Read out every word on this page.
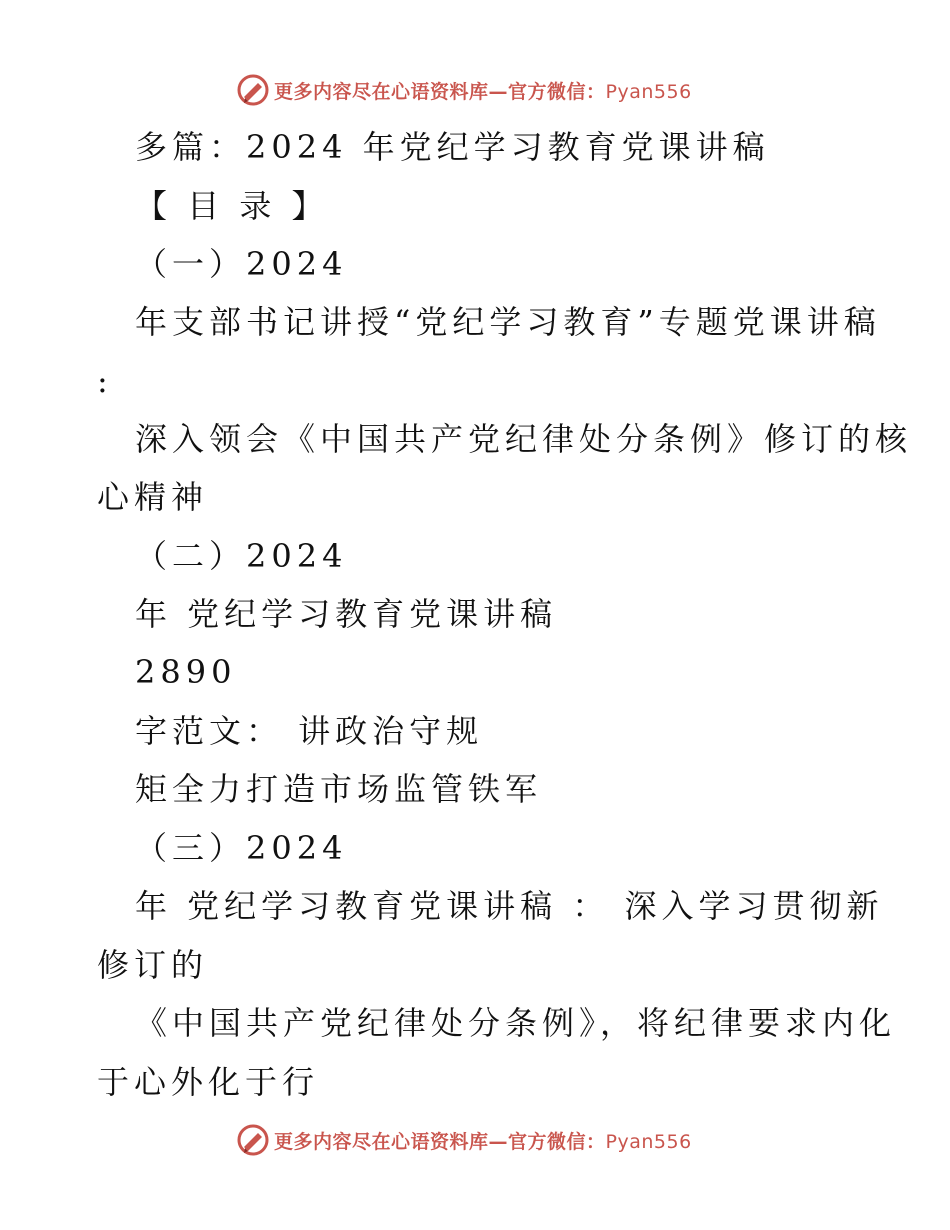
更多内容尽在心语资料库—官方微信：Pyan556
多篇：2024 年党纪学习教育党课讲稿
【 目 录 】
（一）2024
年支部书记讲授“党纪学习教育”专题党课讲稿
:
深入领会《中国共产党纪律处分条例》修订的核
心精神
（二）2024
年 党纪学习教育党课讲稿
2890
字范文： 讲政治守规
矩全力打造市场监管铁军
（三）2024
年 党纪学习教育党课讲稿 ： 深入学习贯彻新
修订的
《中国共产党纪律处分条例》，将纪律要求内化
于心外化于行
更多内容尽在心语资料库—官方微信：Pyan556
